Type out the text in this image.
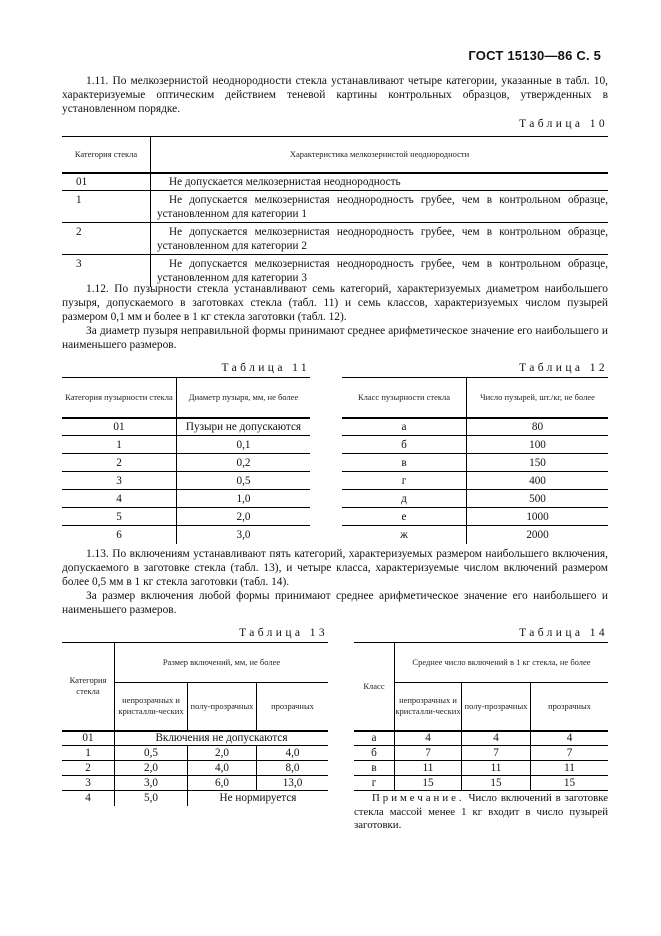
ГОСТ 15130—86 С. 5
1.11. По мелкозернистой неоднородности стекла устанавливают четыре категории, указанные в табл. 10, характеризуемые оптическим действием теневой картины контрольных образцов, утвержденных в установленном порядке.
Таблица 10
Категория стекла	Характеристика мелкозернистой неоднородности
01	Не допускается мелкозернистая неоднородность
1	Не допускается мелкозернистая неоднородность грубее, чем в контрольном образце, установленном для категории 1
2	Не допускается мелкозернистая неоднородность грубее, чем в контрольном образце, установленном для категории 2
3	Не допускается мелкозернистая неоднородность грубее, чем в контрольном образце, установленном для категории 3
1.12. По пузырности стекла устанавливают семь категорий, характеризуемых диаметром наибольшего пузыря, допускаемого в заготовках стекла (табл. 11) и семь классов, характеризуемых числом пузырей размером 0,1 мм и более в 1 кг стекла заготовки (табл. 12).
За диаметр пузыря неправильной формы принимают среднее арифметическое значение его наибольшего и наименьшего размеров.
Таблица 11
Категория пузырности стекла	Диаметр пузыря, мм, не более
01	Пузыри не допускаются
1	0,1
2	0,2
3	0,5
4	1,0
5	2,0
6	3,0
Таблица 12
Класс пузырности стекла	Число пузырей, шт./кг, не более
а	80
б	100
в	150
г	400
д	500
е	1000
ж	2000
1.13. По включениям устанавливают пять категорий, характеризуемых размером наибольшего включения, допускаемого в заготовке стекла (табл. 13), и четыре класса, характеризуемые числом включений размером более 0,5 мм в 1 кг стекла заготовки (табл. 14).
За размер включения любой формы принимают среднее арифметическое значение его наибольшего и наименьшего размеров.
Таблица 13
Категория стекла	Размер включений, мм, не более		
	непрозрачных и кристалли-ческих	полу-прозрачных	прозрачных
01	Включения не допускаются		
1	0,5	2,0	4,0
2	2,0	4,0	8,0
3	3,0	6,0	13,0
4	5,0	Не нормируется	
Таблица 14
Класс	Среднее число включений в 1 кг стекла, не более		
	непрозрачных и кристалли-ческих	полу-прозрачных	прозрачных
а	4	4	4
б	7	7	7
в	11	11	11
г	15	15	15
Примечание. Число включений в заготовке стекла массой менее 1 кг входит в число пузырей заготовки.
